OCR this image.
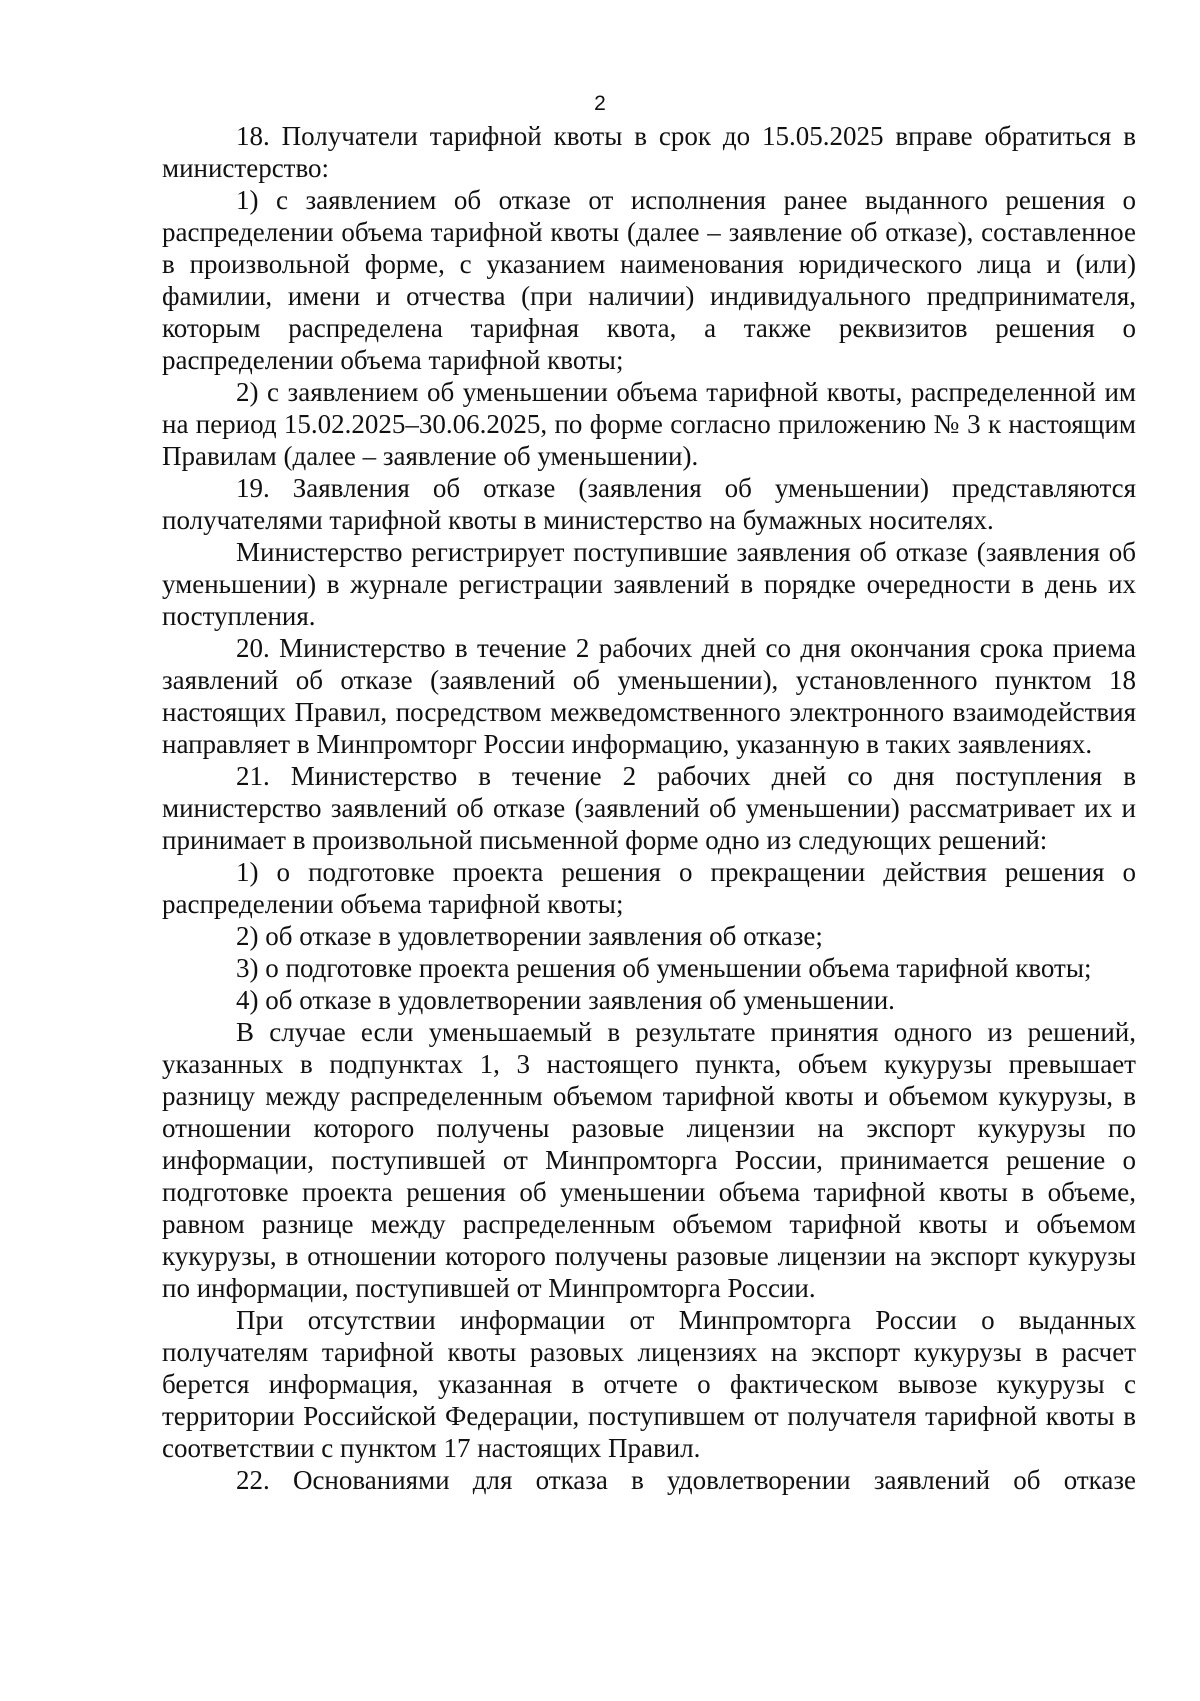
2

18. Получатели тарифной квоты в срок до 15.05.2025 вправе обратиться в министерство:

1) с заявлением об отказе от исполнения ранее выданного решения о распределении объема тарифной квоты (далее – заявление об отказе), составленное в произвольной форме, с указанием наименования юридического лица и (или) фамилии, имени и отчества (при наличии) индивидуального предпринимателя, которым распределена тарифная квота, а также реквизитов решения о распределении объема тарифной квоты;

2) с заявлением об уменьшении объема тарифной квоты, распределенной им на период 15.02.2025–30.06.2025, по форме согласно приложению № 3 к настоящим Правилам (далее – заявление об уменьшении).

19. Заявления об отказе (заявления об уменьшении) представляются получателями тарифной квоты в министерство на бумажных носителях.

Министерство регистрирует поступившие заявления об отказе (заявления об уменьшении) в журнале регистрации заявлений в порядке очередности в день их поступления.

20. Министерство в течение 2 рабочих дней со дня окончания срока приема заявлений об отказе (заявлений об уменьшении), установленного пунктом 18 настоящих Правил, посредством межведомственного электронного взаимодействия направляет в Минпромторг России информацию, указанную в таких заявлениях.

21. Министерство в течение 2 рабочих дней со дня поступления в министерство заявлений об отказе (заявлений об уменьшении) рассматривает их и принимает в произвольной письменной форме одно из следующих решений:

1) о подготовке проекта решения о прекращении действия решения о распределении объема тарифной квоты;

2) об отказе в удовлетворении заявления об отказе;

3) о подготовке проекта решения об уменьшении объема тарифной квоты;

4) об отказе в удовлетворении заявления об уменьшении.

В случае если уменьшаемый в результате принятия одного из решений, указанных в подпунктах 1, 3 настоящего пункта, объем кукурузы превышает разницу между распределенным объемом тарифной квоты и объемом кукурузы, в отношении которого получены разовые лицензии на экспорт кукурузы по информации, поступившей от Минпромторга России, принимается решение о подготовке проекта решения об уменьшении объема тарифной квоты в объеме, равном разнице между распределенным объемом тарифной квоты и объемом кукурузы, в отношении которого получены разовые лицензии на экспорт кукурузы по информации, поступившей от Минпромторга России.

При отсутствии информации от Минпромторга России о выданных получателям тарифной квоты разовых лицензиях на экспорт кукурузы в расчет берется информация, указанная в отчете о фактическом вывозе кукурузы с территории Российской Федерации, поступившем от получателя тарифной квоты в соответствии с пунктом 17 настоящих Правил.

22. Основаниями для отказа в удовлетворении заявлений об отказе
